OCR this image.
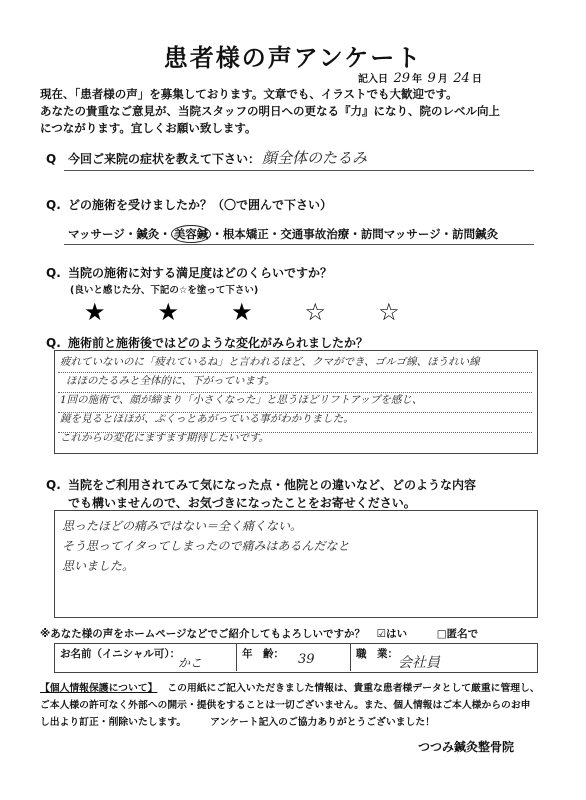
患者様の声アンケート
記入日 29 年 9 月 24 日
現在、「患者様の声」を募集しております。文章でも、イラストでも大歓迎です。
あなたの貴重なご意見が、当院スタッフの明日への更なる『力』になり、院のレベル向上
につながります。宜しくお願い致します。
Q 今回ご来院の症状を教えて下さい： 顔全体のたるみ
Q. どの施術を受けましたか？（〇で囲んで下さい）
マッサージ・鍼灸・ 美容鍼 ・根本矯正・交通事故治療・訪問マッサージ・訪問鍼灸
Q. 当院の施術に対する満足度はどのくらいですか？
(良いと感じた分、下記の☆を塗って下さい)
★ ★ ★ ☆ ☆
Q. 施術前と施術後ではどのような変化がみられましたか？
疲れていないのに「疲れているね」と言われるほど、クマができ、ゴルゴ線、ほうれい線
ほほのたるみと全体的に、下がっています。
1回の施術で、顔が締まり「小さくなった」と思うほどリフトアップを感じ、
鏡を見るとほほが、ぷくっとあがっている事がわかりました。
これからの変化にますます期待したいです。
Q. 当院をご利用されてみて気になった点・他院との違いなど、どのような内容
でも構いませんので、お気づきになったことをお寄せください。
思ったほどの痛みではない＝全く痛くない。
そう思ってイタってしまったので痛みはあるんだなと
思いました。
※あなた様の声をホームページなどでご紹介してもよろしいですか？ ☑はい	□匿名で
お名前（イニシャル可）：
かこ
年　齢： 39	職　業：
会社員
【個人情報保護について】 この用紙にご記入いただきました情報は、貴重な患者様データとして厳重に管理し、
ご本人様の許可なく外部への開示・提供をすることは一切ございません。また、個人情報はご本人様からのお申
し出より訂正・削除いたします。 アンケート記入のご協力ありがとうございました！
つつみ鍼灸整骨院
